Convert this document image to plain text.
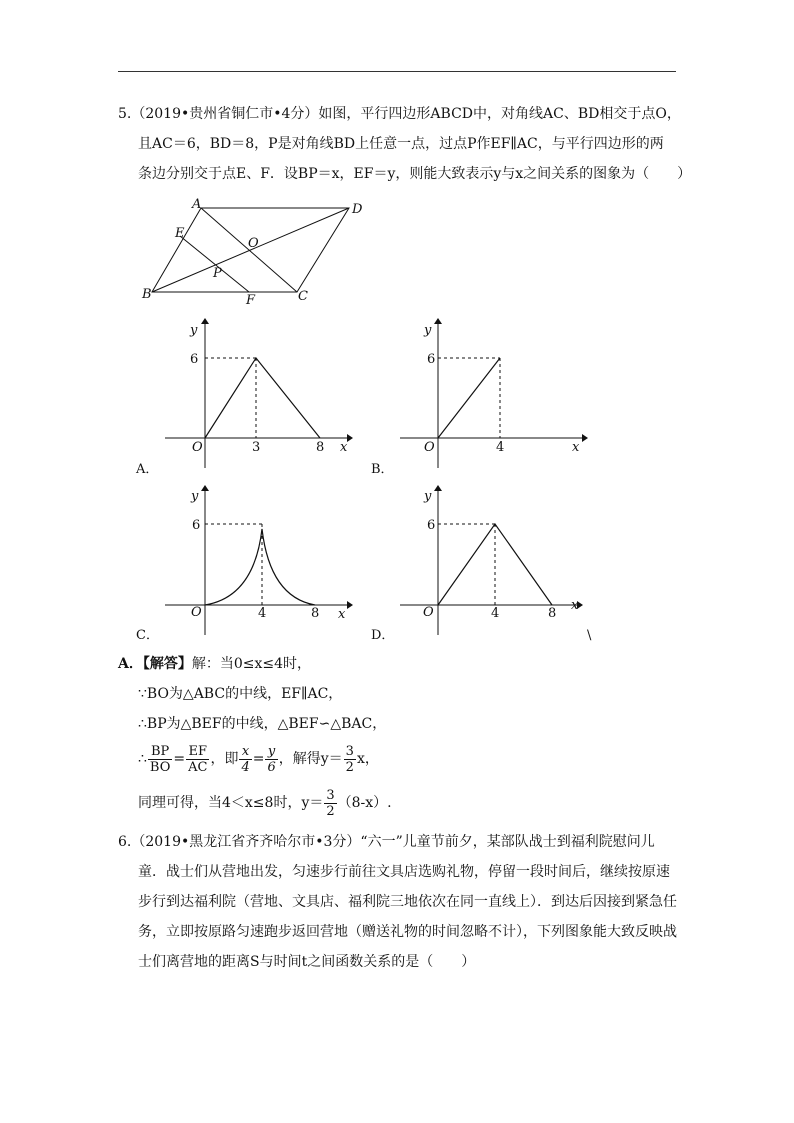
5.（2019•贵州省铜仁市•4分）如图，平行四边形ABCD中，对角线AC、BD相交于点O，
且AC＝6，BD＝8，P是对角线BD上任意一点，过点P作EF∥AC，与平行四边形的两
条边分别交于点E、F．设BP＝x，EF＝y，则能大致表示y与x之间关系的图象为（　　）
A	D
E
O
P
B	F	C
y
6
O	3	8 x
A．
y
6
O	4	x
B．
y
6
O	4	8 x
C．
y
6
O	4	8
x
D．	\
A．【解答】解：当0≤x≤4时，
∵BO为△ABC的中线，EF∥AC，
∴BP为△BEF的中线，△BEF∽△BAC，
∴ $\frac{BP}{BO} = \frac{EF}{AC}$ ，即 $\frac{x}{4} = \frac{y}{6}$ ，解得$y= \frac{3}{2}$ x，
同理可得，当4＜x≤8时，$y= \frac{3}{2} (8-x)$.
6.（2019•黑龙江省齐齐哈尔市•3分）“六一”儿童节前夕，某部队战士到福利院慰问儿
童．战士们从营地出发，匀速步行前往文具店选购礼物，停留一段时间后，继续按原速
步行到达福利院（营地、文具店、福利院三地依次在同一直线上）．到达后因接到紧急任
务，立即按原路匀速跑步返回营地（赠送礼物的时间忽略不计），下列图象能大致反映战
士们离营地的距离S与时间t之间函数关系的是（　　）
